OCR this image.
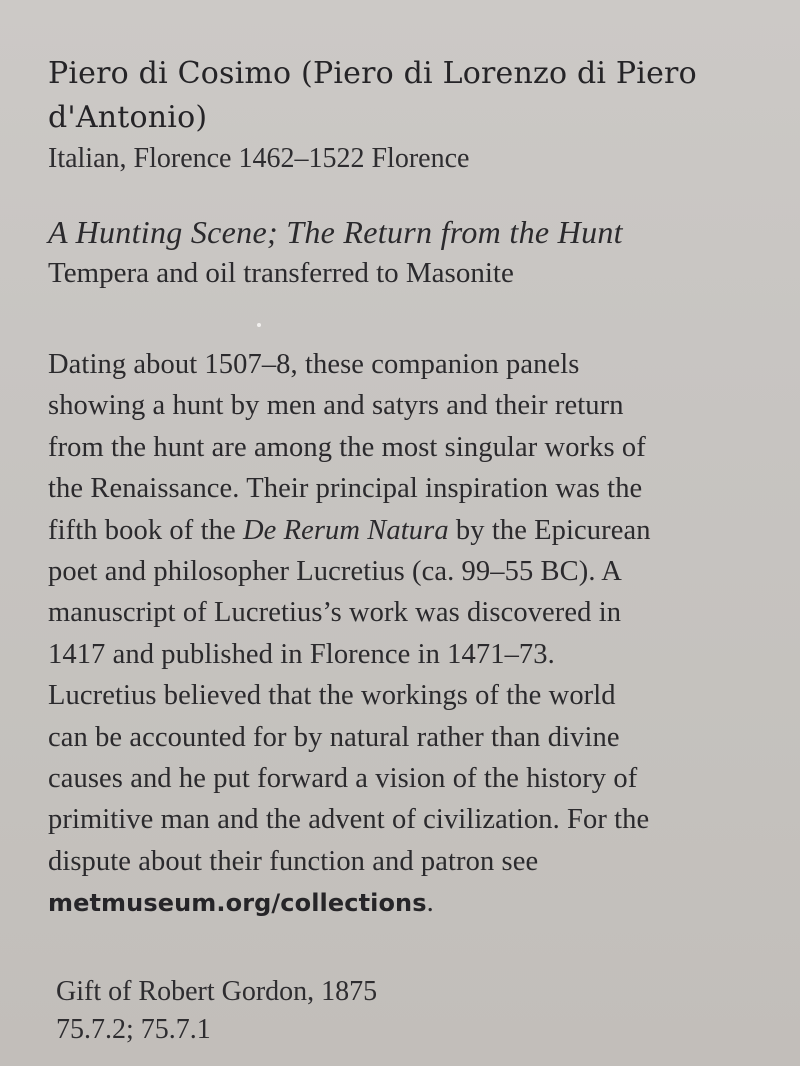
Piero di Cosimo (Piero di Lorenzo di Piero

d'Antonio)

Italian, Florence 1462–1522 Florence

A Hunting Scene; The Return from the Hunt

Tempera and oil transferred to Masonite

Dating about 1507–8, these companion panels
showing a hunt by men and satyrs and their return
from the hunt are among the most singular works of
the Renaissance. Their principal inspiration was the
fifth book of the De Rerum Natura by the Epicurean
poet and philosopher Lucretius (ca. 99–55 BC). A
manuscript of Lucretius’s work was discovered in
1417 and published in Florence in 1471–73.
Lucretius believed that the workings of the world
can be accounted for by natural rather than divine
causes and he put forward a vision of the history of
primitive man and the advent of civilization. For the
dispute about their function and patron see
metmuseum.org/collections.

Gift of Robert Gordon, 1875
75.7.2; 75.7.1
